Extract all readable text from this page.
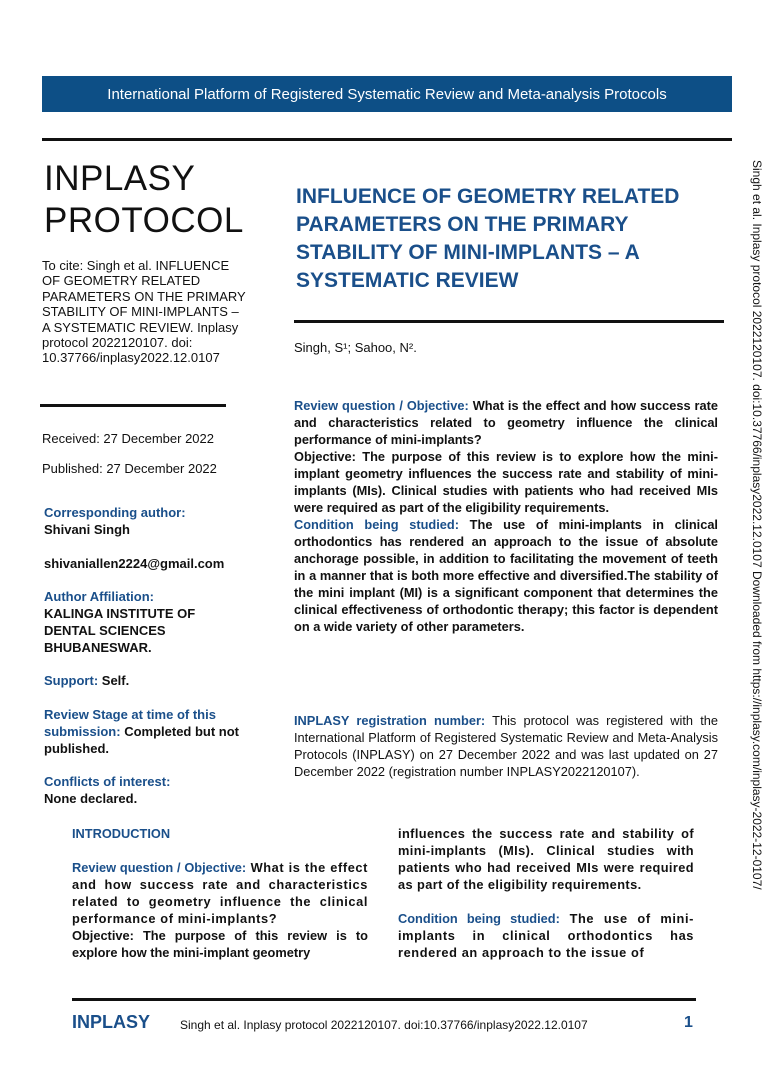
International Platform of Registered Systematic Review and Meta-analysis Protocols
INPLASY
PROTOCOL
To cite: Singh et al. INFLUENCE OF GEOMETRY RELATED PARAMETERS ON THE PRIMARY STABILITY OF MINI-IMPLANTS – A SYSTEMATIC REVIEW. Inplasy protocol 2022120107. doi: 10.37766/inplasy2022.12.0107
Received: 27 December 2022
Published: 27 December 2022
Corresponding author:
Shivani Singh
shivaniallen2224@gmail.com
Author Affiliation:
KALINGA INSTITUTE OF
DENTAL SCIENCES
BHUBANESWAR.
Support: Self.
Review Stage at time of this submission: Completed but not published.
Conflicts of interest:
None declared.
INFLUENCE OF GEOMETRY RELATED PARAMETERS ON THE PRIMARY STABILITY OF MINI-IMPLANTS – A SYSTEMATIC REVIEW
Singh, S¹; Sahoo, N².

Review question / Objective: What is the effect and how success rate and characteristics related to geometry influence the clinical performance of mini-implants?

Objective: The purpose of this review is to explore how the mini-implant geometry influences the success rate and stability of mini-implants (MIs). Clinical studies with patients who had received MIs were required as part of the eligibility requirements.

Condition being studied: The use of mini-implants in clinical orthodontics has rendered an approach to the issue of absolute anchorage possible, in addition to facilitating the movement of teeth in a manner that is both more effective and diversified.The stability of the mini implant (MI) is a significant component that determines the clinical effectiveness of orthodontic therapy; this factor is dependent on a wide variety of other parameters.

INPLASY registration number: This protocol was registered with the International Platform of Registered Systematic Review and Meta-Analysis Protocols (INPLASY) on 27 December 2022 and was last updated on 27 December 2022 (registration number INPLASY2022120107).

INTRODUCTION

Review question / Objective: What is the effect and how success rate and characteristics related to geometry influence the clinical performance of mini-implants?

Objective: The purpose of this review is to explore how the mini-implant geometry

influences the success rate and stability of mini-implants (MIs). Clinical studies with patients who had received MIs were required as part of the eligibility requirements.

Condition being studied: The use of mini-implants in clinical orthodontics has rendered an approach to the issue of

Singh et al. Inplasy protocol 2022120107. doi:10.37766/inplasy2022.12.0107 Downloaded from https://inplasy.com/inplasy-2022-12-0107/
INPLASY Singh et al. Inplasy protocol 2022120107. doi:10.37766/inplasy2022.12.0107	1
